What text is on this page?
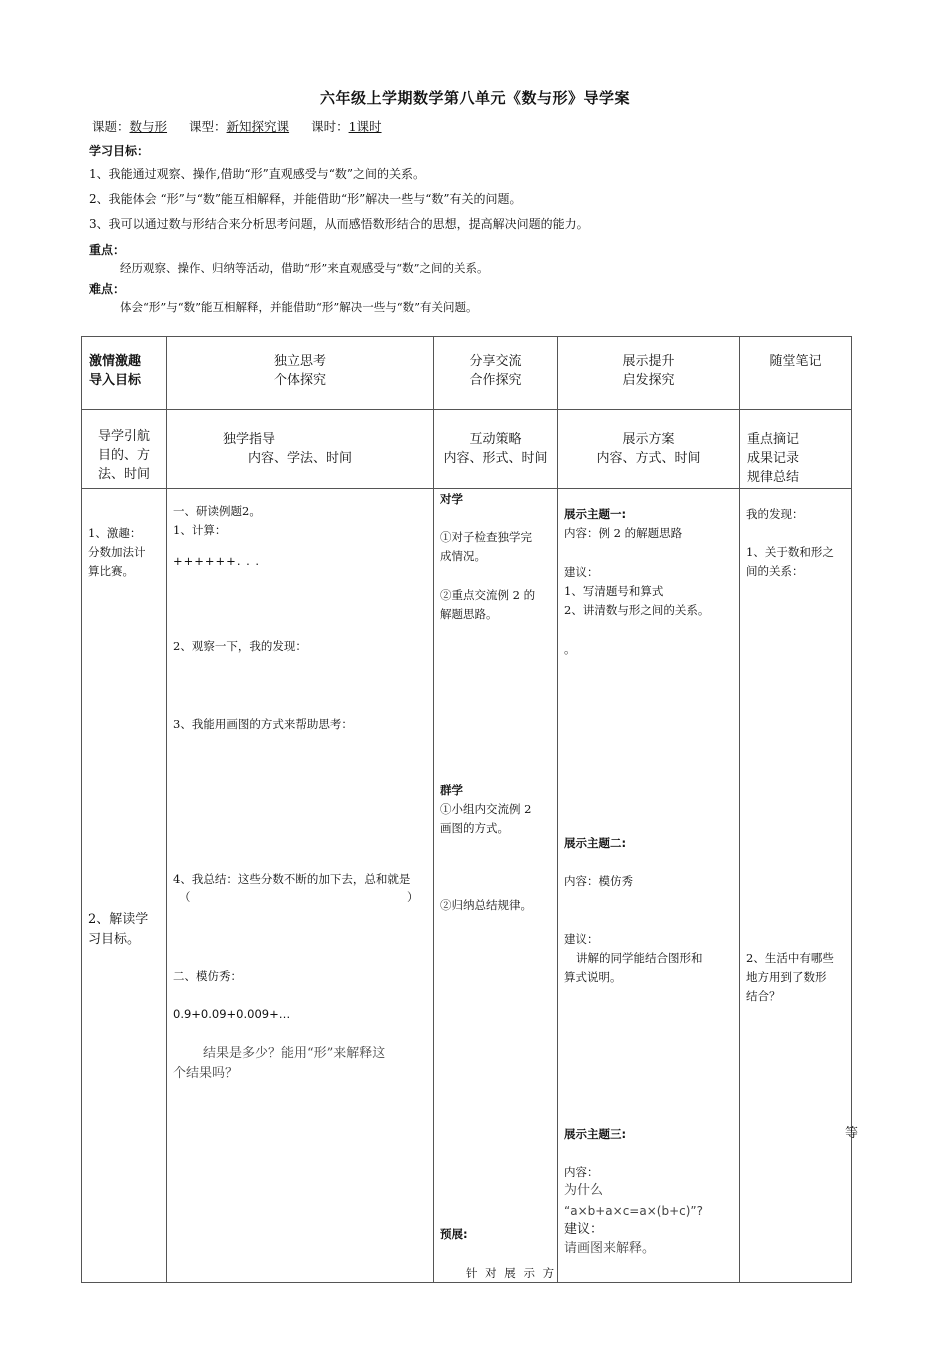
六年级上学期数学第八单元《数与形》导学案
课题：数与形 课型：新知探究课 课时：1课时
学习目标：
1、我能通过观察、操作,借助“形”直观感受与“数”之间的关系。
2、我能体会 “形”与“数”能互相解释，并能借助“形”解决一些与“数”有关的问题。
3、我可以通过数与形结合来分析思考问题，从而感悟数形结合的思想，提高解决问题的能力。
重点：
经历观察、操作、归纳等活动，借助“形”来直观感受与“数”之间的关系。
难点：
体会“形”与“数”能互相解释，并能借助“形”解决一些与“数”有关问题。
激情激趣
导入目标
独立思考
个体探究
分享交流
合作探究
展示提升
启发探究
随堂笔记
导学引航
目的、方
法、时间
独学指导
内容、学法、时间
互动策略
内容、形式、时间
展示方案
内容、方式、时间
重点摘记
成果记录
规律总结
1、激趣：
分数加法计
算比赛。
2、解读学
习目标。
一、研读例题2。
1、计算：
++++++. . .
2、观察一下，我的发现：
3、我能用画图的方式来帮助思考：
4、我总结：这些分数不断的加下去，总和就是
（	）
二、模仿秀：
0.9+0.09+0.009+…
结果是多少？能用“形”来解释这
个结果吗？
对学
①对子检查独学完
成情况。
②重点交流例 2 的
解题思路。
群学
①小组内交流例 2
画图的方式。
②归纳总结规律。
预展:
针 对 展 示 方
展示主题一:
内容：例 2 的解题思路
建议：
1、写清题号和算式
2、讲清数与形之间的关系。
。
展示主题二:
内容：模仿秀
建议：
讲解的同学能结合图形和
算式说明。
展示主题三:
内容：
为什么
“a×b+a×c=a×(b+c)”?
建议：
请画图来解释。
我的发现：
1、关于数和形之
间的关系：
2、生活中有哪些
地方用到了数形
结合？
等
